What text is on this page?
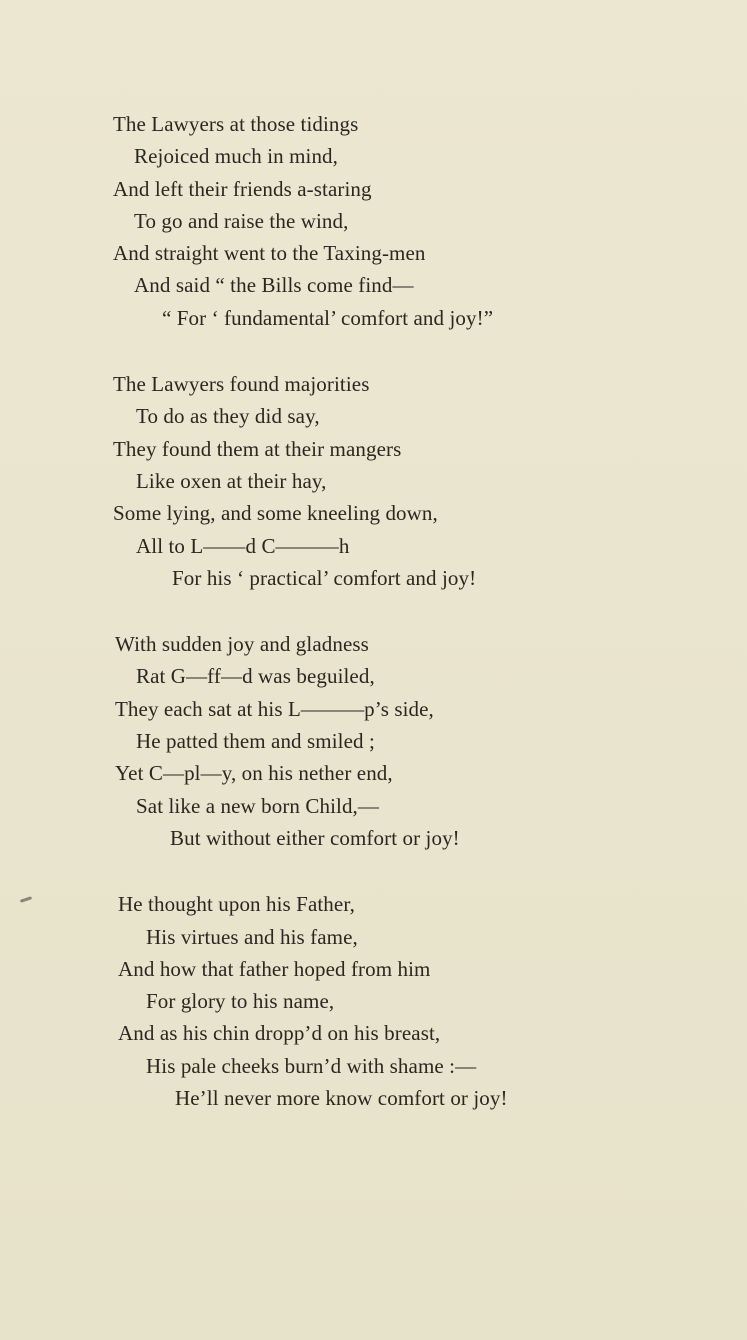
The Lawyers at those tidings
Rejoiced much in mind,
And left their friends a-staring
To go and raise the wind,
And straight went to the Taxing-men
And said “ the Bills come find—
“ For ‘ fundamental’ comfort and joy!”
The Lawyers found majorities
To do as they did say,
They found them at their mangers
Like oxen at their hay,
Some lying, and some kneeling down,
All to L——d C———h
For his ‘ practical’ comfort and joy!
With sudden joy and gladness
Rat G—ff—d was beguiled,
They each sat at his L———p’s side,
He patted them and smiled ;
Yet C—pl—y, on his nether end,
Sat like a new born Child,—
But without either comfort or joy!
He thought upon his Father,
His virtues and his fame,
And how that father hoped from him
For glory to his name,
And as his chin dropp’d on his breast,
His pale cheeks burn’d with shame :—
He’ll never more know comfort or joy!
